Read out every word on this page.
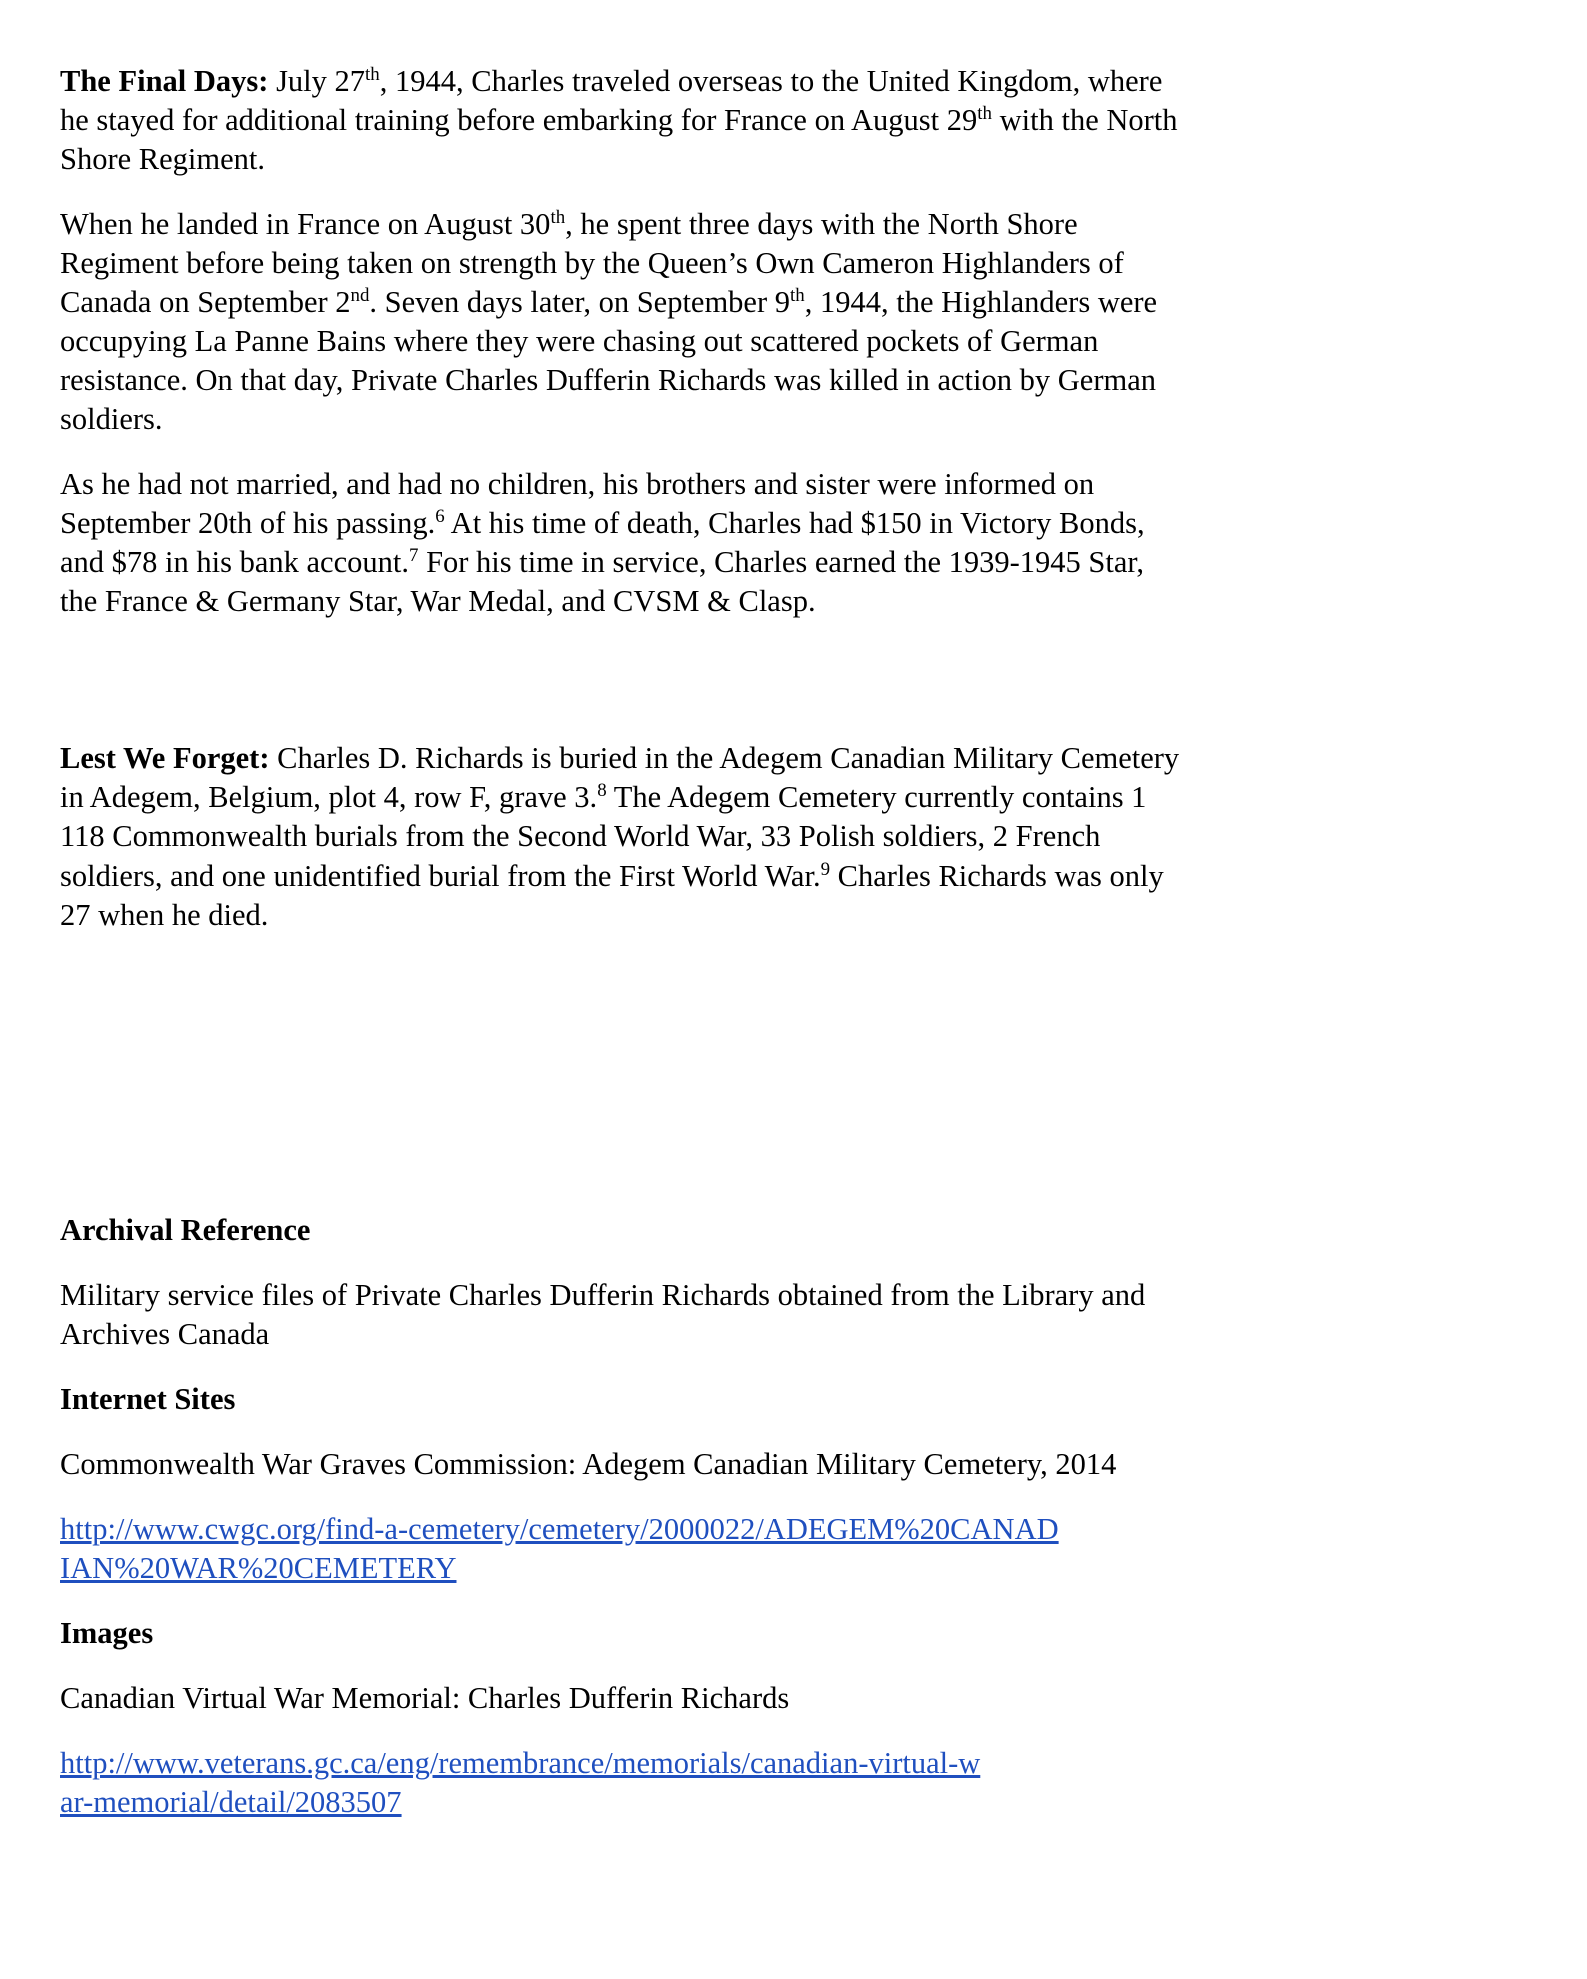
The Final Days: July 27th, 1944, Charles traveled overseas to the United Kingdom, where he stayed for additional training before embarking for France on August 29th with the North Shore Regiment.

When he landed in France on August 30th, he spent three days with the North Shore Regiment before being taken on strength by the Queen’s Own Cameron Highlanders of Canada on September 2nd. Seven days later, on September 9th, 1944, the Highlanders were occupying La Panne Bains where they were chasing out scattered pockets of German resistance. On that day, Private Charles Dufferin Richards was killed in action by German soldiers.

As he had not married, and had no children, his brothers and sister were informed on September 20th of his passing.$^6$ At his time of death, Charles had $150 in Victory Bonds, and $78 in his bank account.$^7$ For his time in service, Charles earned the 1939-1945 Star, the France & Germany Star, War Medal, and CVSM & Clasp.

Lest We Forget: Charles D. Richards is buried in the Adegem Canadian Military Cemetery in Adegem, Belgium, plot 4, row F, grave 3.$^8$ The Adegem Cemetery currently contains 1 118 Commonwealth burials from the Second World War, 33 Polish soldiers, 2 French soldiers, and one unidentified burial from the First World War.$^9$ Charles Richards was only 27 when he died.

Archival Reference

Military service files of Private Charles Dufferin Richards obtained from the Library and Archives Canada

Internet Sites

Commonwealth War Graves Commission: Adegem Canadian Military Cemetery, 2014

http://www.cwgc.org/find-a-cemetery/cemetery/2000022/ADEGEM%20CANADIAN%20WAR%20CEMETERY
Images

Canadian Virtual War Memorial: Charles Dufferin Richards

http://www.veterans.gc.ca/eng/remembrance/memorials/canadian-virtual-war-memorial/detail/2083507
